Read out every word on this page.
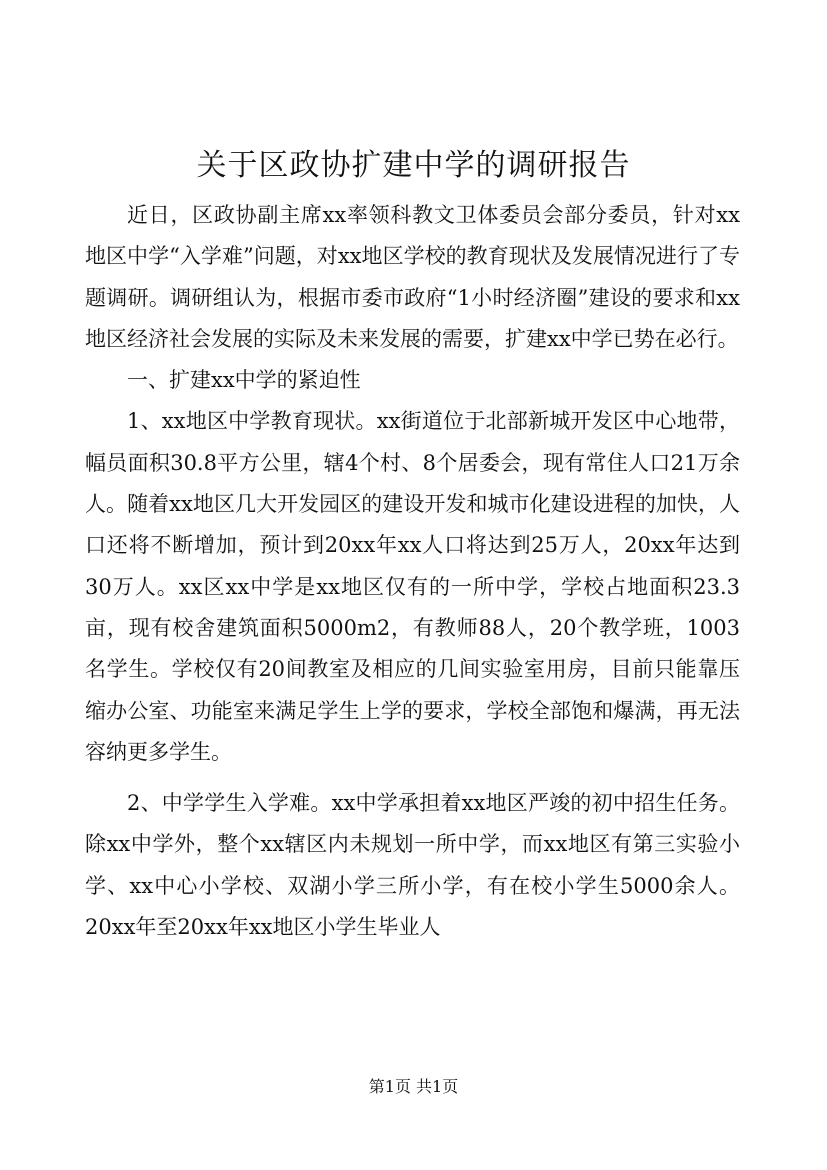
关于区政协扩建中学的调研报告

近日，区政协副主席xx率领科教文卫体委员会部分委员，针对xx地区中学“入学难”问题，对xx地区学校的教育现状及发展情况进行了专题调研。调研组认为，根据市委市政府“1小时经济圈”建设的要求和xx地区经济社会发展的实际及未来发展的需要，扩建xx中学已势在必行。

一、扩建xx中学的紧迫性

1、xx地区中学教育现状。xx街道位于北部新城开发区中心地带，幅员面积30.8平方公里，辖4个村、8个居委会，现有常住人口21万余人。随着xx地区几大开发园区的建设开发和城市化建设进程的加快，人口还将不断增加，预计到20xx年xx人口将达到25万人，20xx年达到30万人。xx区xx中学是xx地区仅有的一所中学，学校占地面积23.3亩，现有校舍建筑面积5000m2，有教师88人，20个教学班，1003名学生。学校仅有20间教室及相应的几间实验室用房，目前只能靠压缩办公室、功能室来满足学生上学的要求，学校全部饱和爆满，再无法容纳更多学生。

2、中学学生入学难。xx中学承担着xx地区严竣的初中招生任务。除xx中学外，整个xx辖区内未规划一所中学，而xx地区有第三实验小学、xx中心小学校、双湖小学三所小学，有在校小学生5000余人。20xx年至20xx年xx地区小学生毕业人

第1页 共1页
